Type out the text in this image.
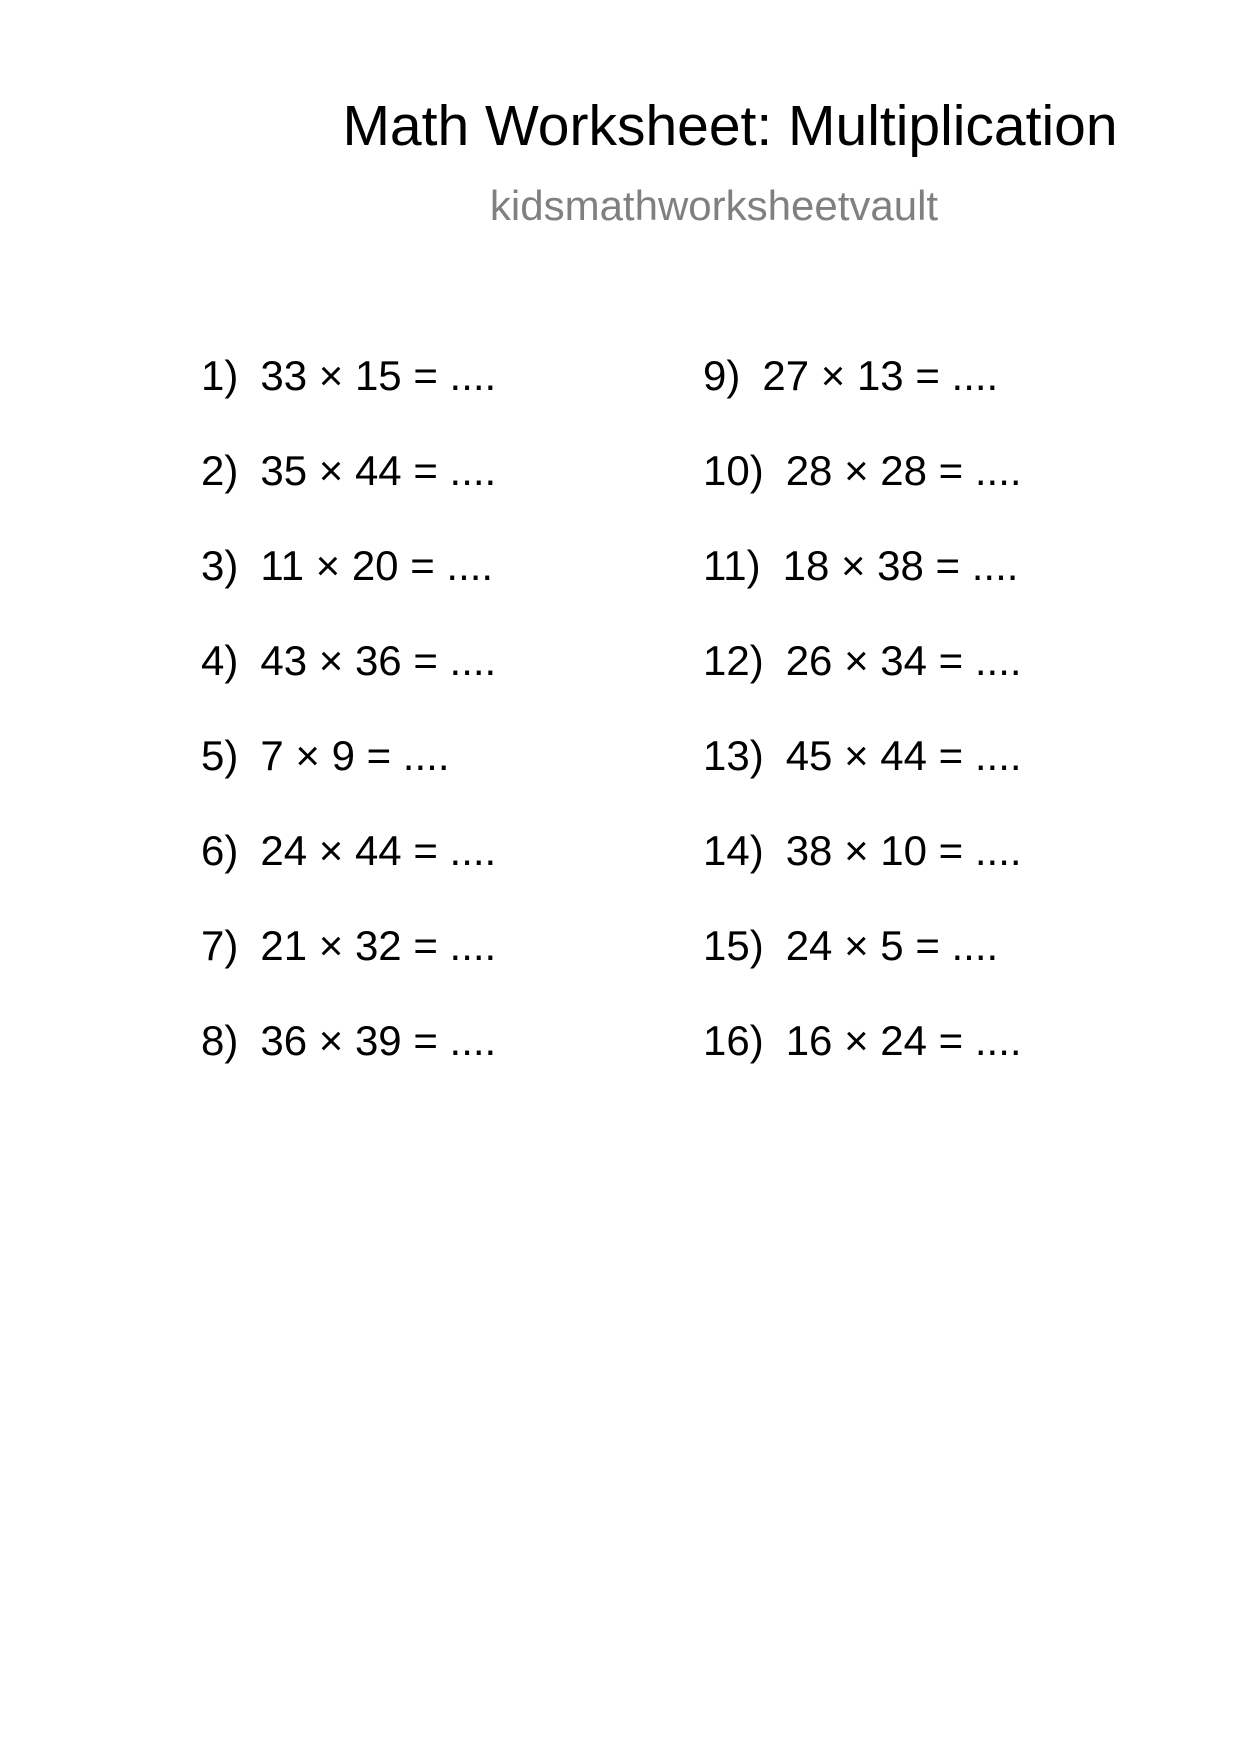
Math Worksheet: Multiplication
kidsmathworksheetvault
1) 33 × 15 = ....
2) 35 × 44 = ....
3) 11 × 20 = ....
4) 43 × 36 = ....
5) 7 × 9 = ....
6) 24 × 44 = ....
7) 21 × 32 = ....
8) 36 × 39 = ....
9) 27 × 13 = ....
10) 28 × 28 = ....
11) 18 × 38 = ....
12) 26 × 34 = ....
13) 45 × 44 = ....
14) 38 × 10 = ....
15) 24 × 5 = ....
16) 16 × 24 = ....
